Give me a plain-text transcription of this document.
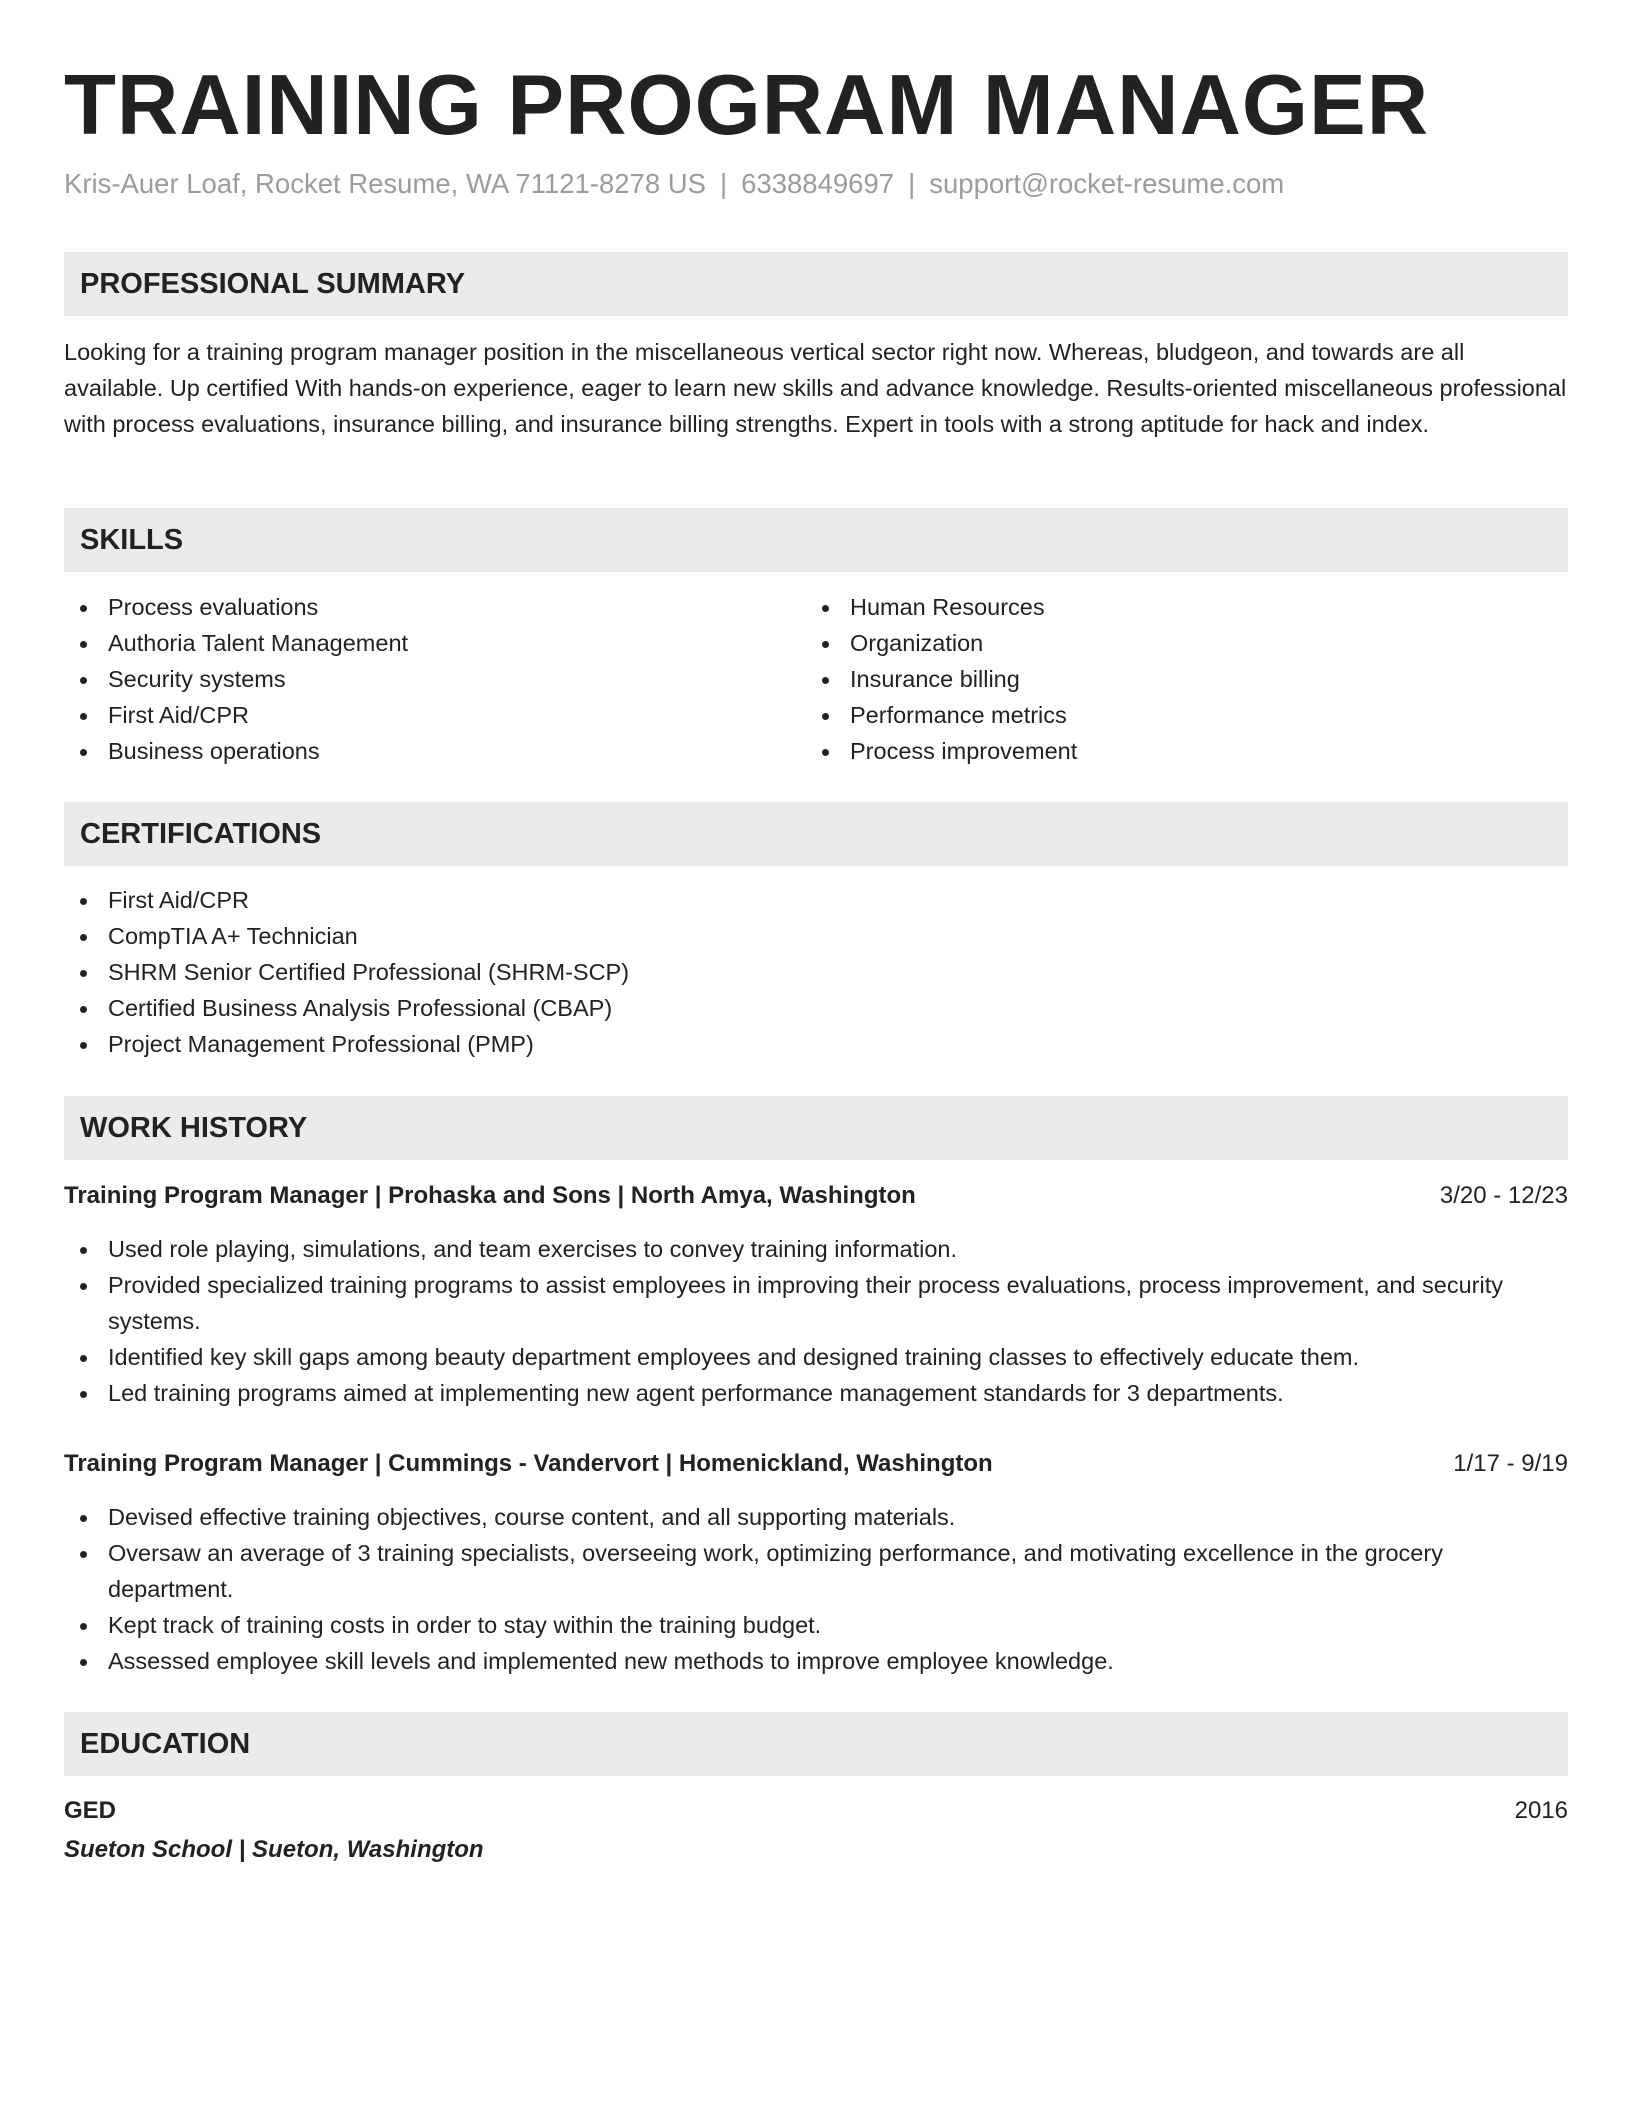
TRAINING PROGRAM MANAGER
Kris-Auer Loaf, Rocket Resume, WA 71121-8278 US | 6338849697 | support@rocket-resume.com
PROFESSIONAL SUMMARY

Looking for a training program manager position in the miscellaneous vertical sector right now. Whereas, bludgeon, and towards are all available. Up certified With hands-on experience, eager to learn new skills and advance knowledge. Results-oriented miscellaneous professional with process evaluations, insurance billing, and insurance billing strengths. Expert in tools with a strong aptitude for hack and index.

SKILLS
Process evaluations
Authoria Talent Management
Security systems
First Aid/CPR
Business operations
Human Resources
Organization
Insurance billing
Performance metrics
Process improvement
CERTIFICATIONS
First Aid/CPR
CompTIA A+ Technician
SHRM Senior Certified Professional (SHRM-SCP)
Certified Business Analysis Professional (CBAP)
Project Management Professional (PMP)
WORK HISTORY
Training Program Manager | Prohaska and Sons | North Amya, Washington	3/20 - 12/23
Used role playing, simulations, and team exercises to convey training information.
Provided specialized training programs to assist employees in improving their process evaluations, process improvement, and security systems.
Identified key skill gaps among beauty department employees and designed training classes to effectively educate them.
Led training programs aimed at implementing new agent performance management standards for 3 departments.
Training Program Manager | Cummings - Vandervort | Homenickland, Washington	1/17 - 9/19
Devised effective training objectives, course content, and all supporting materials.
Oversaw an average of 3 training specialists, overseeing work, optimizing performance, and motivating excellence in the grocery department.
Kept track of training costs in order to stay within the training budget.
Assessed employee skill levels and implemented new methods to improve employee knowledge.
EDUCATION
GED	2016
Sueton School | Sueton, Washington
